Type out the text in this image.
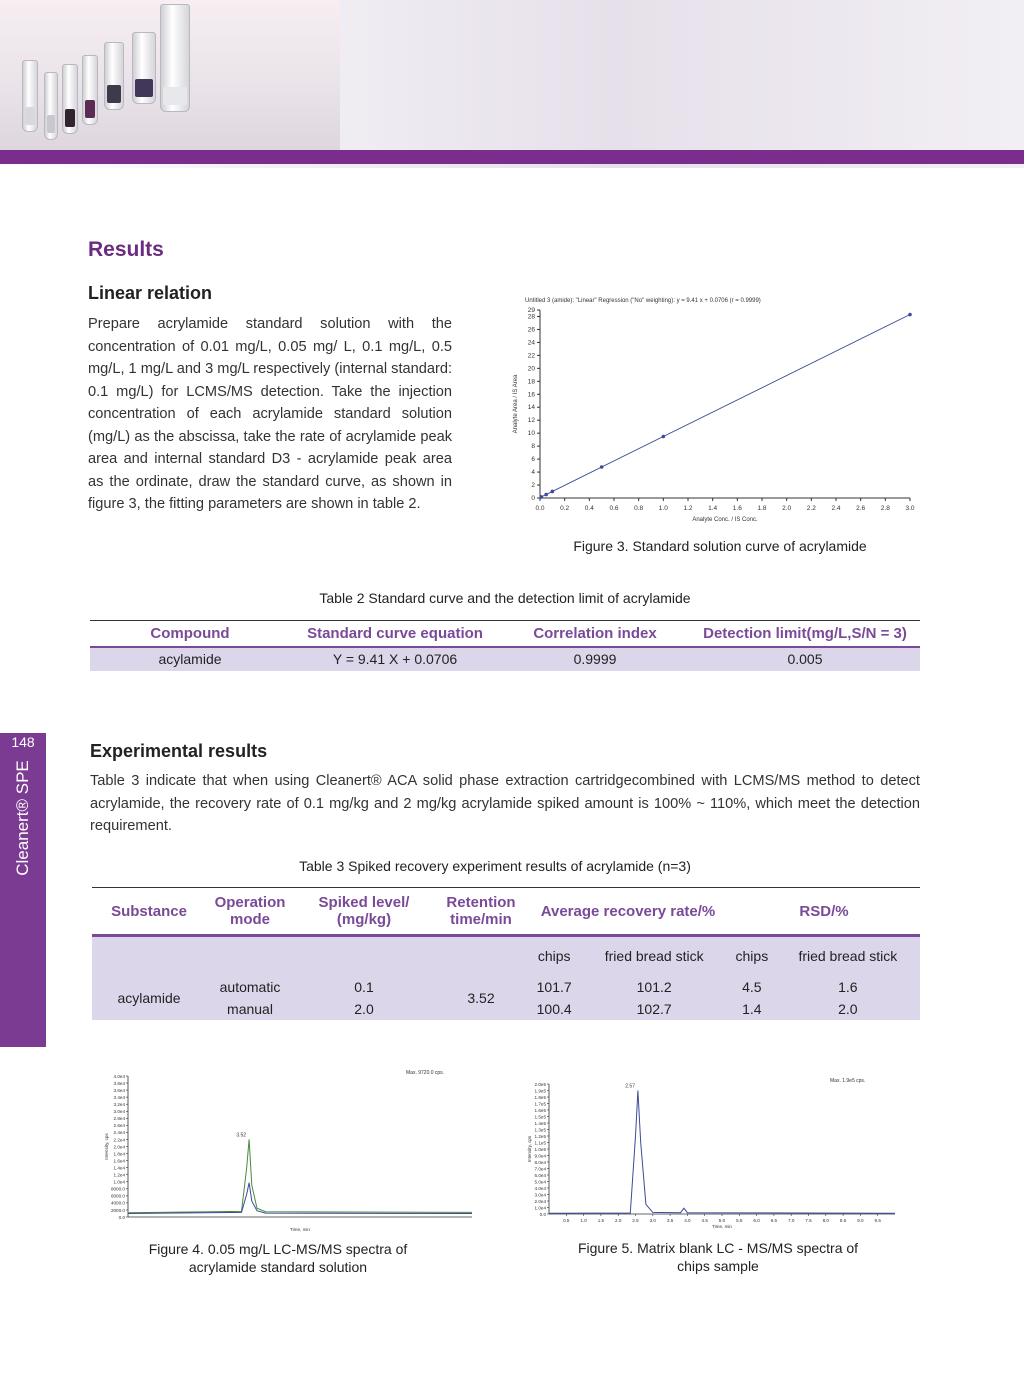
148
Cleanert® SPE
Results
Linear relation
Prepare acrylamide standard solution with the concentration of 0.01 mg/L, 0.05 mg/ L, 0.1 mg/L, 0.5 mg/L, 1 mg/L and 3 mg/L respectively (internal standard: 0.1 mg/L) for LCMS/MS detection. Take the injection concentration of each acrylamide standard solution (mg/L) as the abscissa, take the rate of acrylamide peak area and internal standard D3 - acrylamide peak area as the ordinate, draw the standard curve, as shown in figure 3, the fitting parameters are shown in table 2.
Untitled 3 (amide): "Linear" Regression ("No" weighting): y = 9.41 x + 0.0706 (r = 0.9999)
0.0 0.2 0.4 0.6 0.8 1.0 1.2 1.4 1.6 1.8 2.0 2.2 2.4 2.6 2.8 3.0
0
2
4
6
8
10
12
14
16
18
20
22
24
26
28
29
Analyte Conc. / IS Conc.
Analyte Area / IS Area
Figure 3. Standard solution curve of acrylamide
Table 2 Standard curve and the detection limit of acrylamide
Compound	Standard curve equation	Correlation index	Detection limit(mg/L,S/N = 3)
acylamide	Y = 9.41 X + 0.0706	0.9999	0.005
Experimental results
Table 3 indicate that when using Cleanert® ACA solid phase extraction cartridgecombined with LCMS/MS method to detect acrylamide, the recovery rate of 0.1 mg/kg and 2 mg/kg acrylamide spiked amount is 100% ~ 110%, which meet the detection requirement.
Table 3 Spiked recovery experiment results of acrylamide (n=3)
Substance	Operation mode	Spiked level/ (mg/kg)	Retention time/min	Average recovery rate/%		RSD/%	
				chips	fried bread stick	chips	fried bread stick
acylamide	automatic	0.1	3.52	101.7	101.2	4.5	1.6
	manual	2.0		100.4	102.7	1.4	2.0
Max. 9720.0 cps.
0.0
2000.0
4000.0
6000.0
8000.0
1.0e4
1.2e4
1.4e4
1.6e4
1.8e4
2.0e4
2.2e4
2.4e4
2.6e4
2.8e4
3.0e4
3.2e4
3.4e4
3.6e4
3.8e4
4.0e4
Time, min
Intensity, cps	3.52
Figure 4. 0.05 mg/L LC-MS/MS spectra of
acrylamide standard solution
Max. 1.9e5 cps.
0.0
1.0e4
2.0e4
3.0e4
4.0e4
5.0e4
6.0e4
7.0e4
8.0e4
9.0e4
1.0e5
1.1e5
1.2e5
1.3e5
1.4e5
1.5e5
1.6e5
1.7e5
1.8e5
1.9e5
2.0e5
0.5 1.0 1.5 2.0 2.5 3.0 3.5 4.0 4.5 5.0 5.5 6.0 6.5 7.0 7.5 8.0 8.5 9.0 9.5
Time, min
Intensity, cps
2.57
Figure 5. Matrix blank LC - MS/MS spectra of
chips sample
